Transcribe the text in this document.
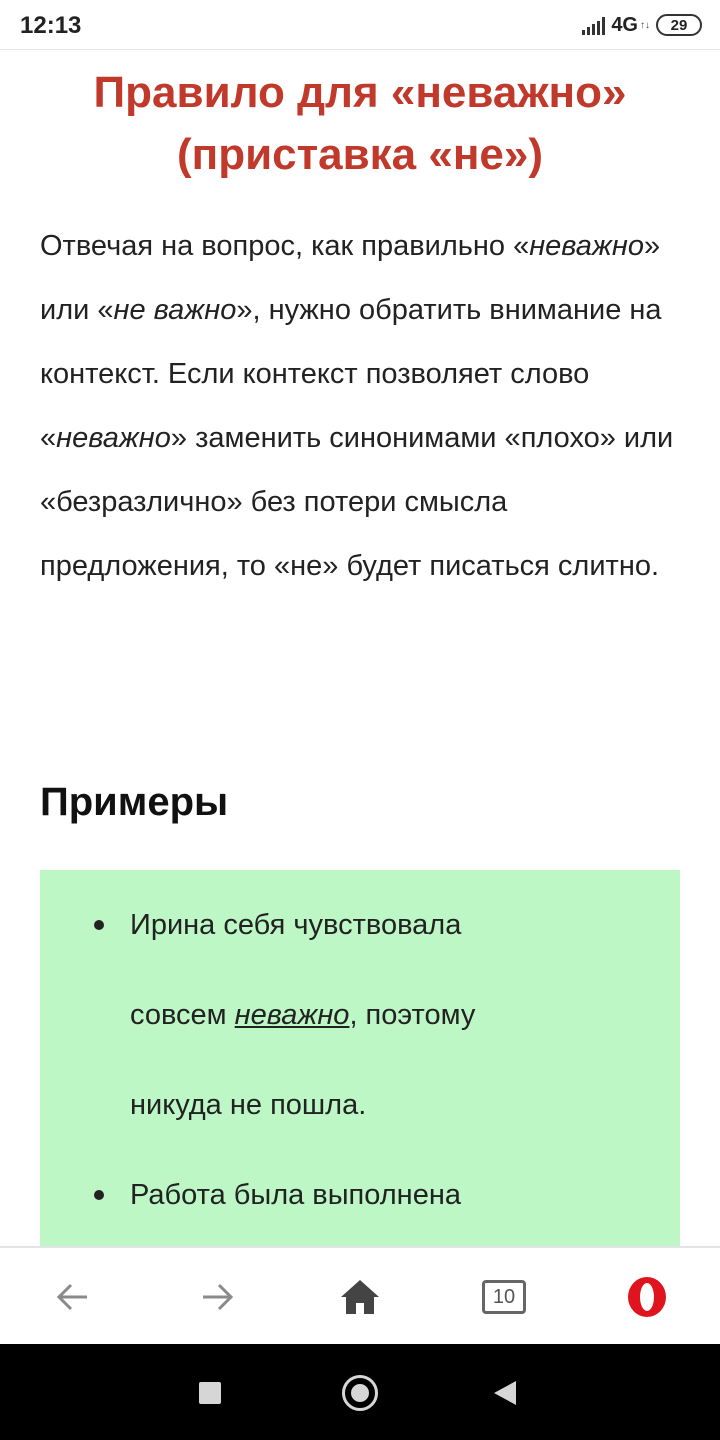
12:13	4G ↑↓ 29
Правило для «неважно» (приставка «не»)

Отвечая на вопрос, как правильно «неважно» или «не важно», нужно обратить внимание на контекст. Если контекст позволяет слово «неважно» заменить синонимами «плохо» или «безразлично» без потери смысла предложения, то «не» будет писаться слитно.

Примеры
Ирина себя чувствовала совсем неважно, поэтому никуда не пошла.
Работа была выполнена
10
